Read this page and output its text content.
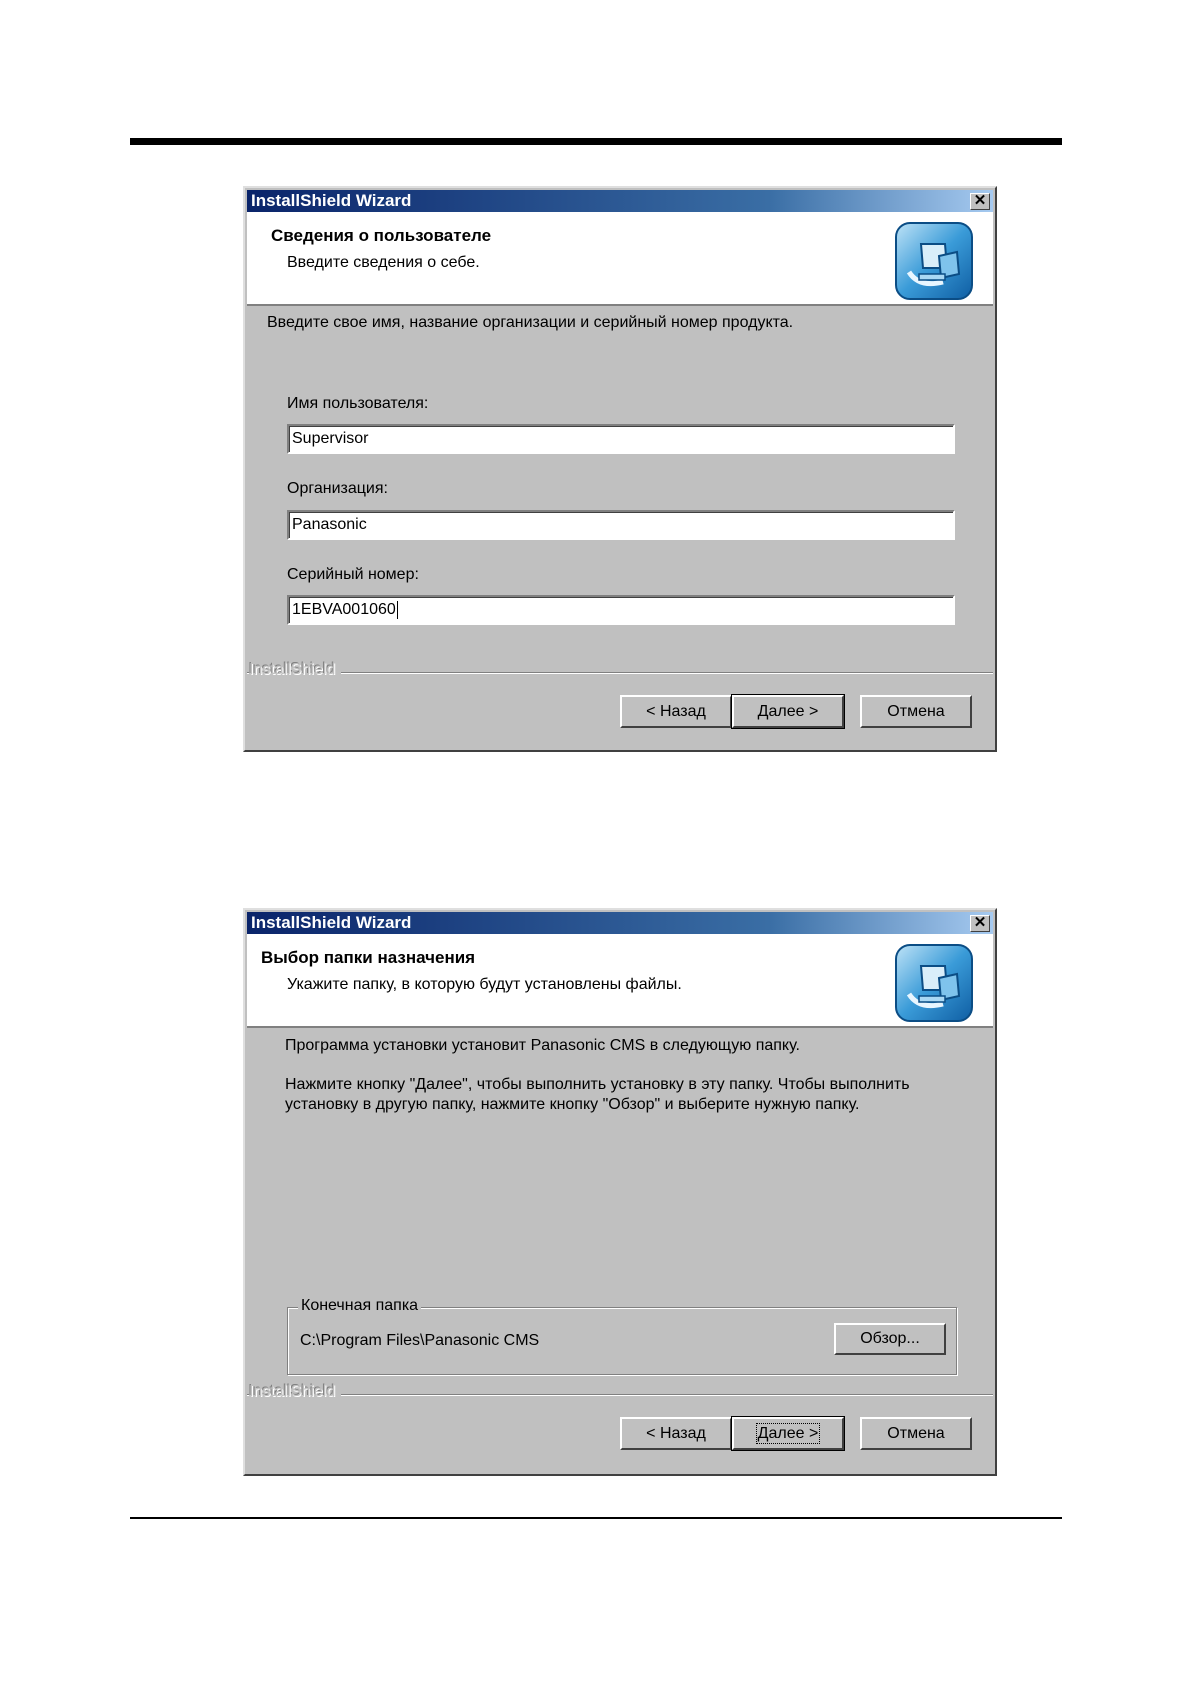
InstallShield Wizard	✕
Сведения о пользователе
Введите сведения о себе.
Введите свое имя, название организации и серийный номер продукта.
Имя пользователя:
Supervisor
Организация:
Panasonic
Серийный номер:
1EBVA001060
InstallShield
< Назад	Далее >	Отмена
InstallShield Wizard	✕
Выбор папки назначения
Укажите папку, в которую будут установлены файлы.
Программа установки установит Panasonic CMS в следующую папку.
Нажмите кнопку "Далее", чтобы выполнить установку в эту папку. Чтобы выполнить установку в другую папку, нажмите кнопку "Обзор" и выберите нужную папку.
Конечная папка
C:\Program Files\Panasonic CMS	Обзор...
InstallShield
< Назад	Далее >	Отмена
